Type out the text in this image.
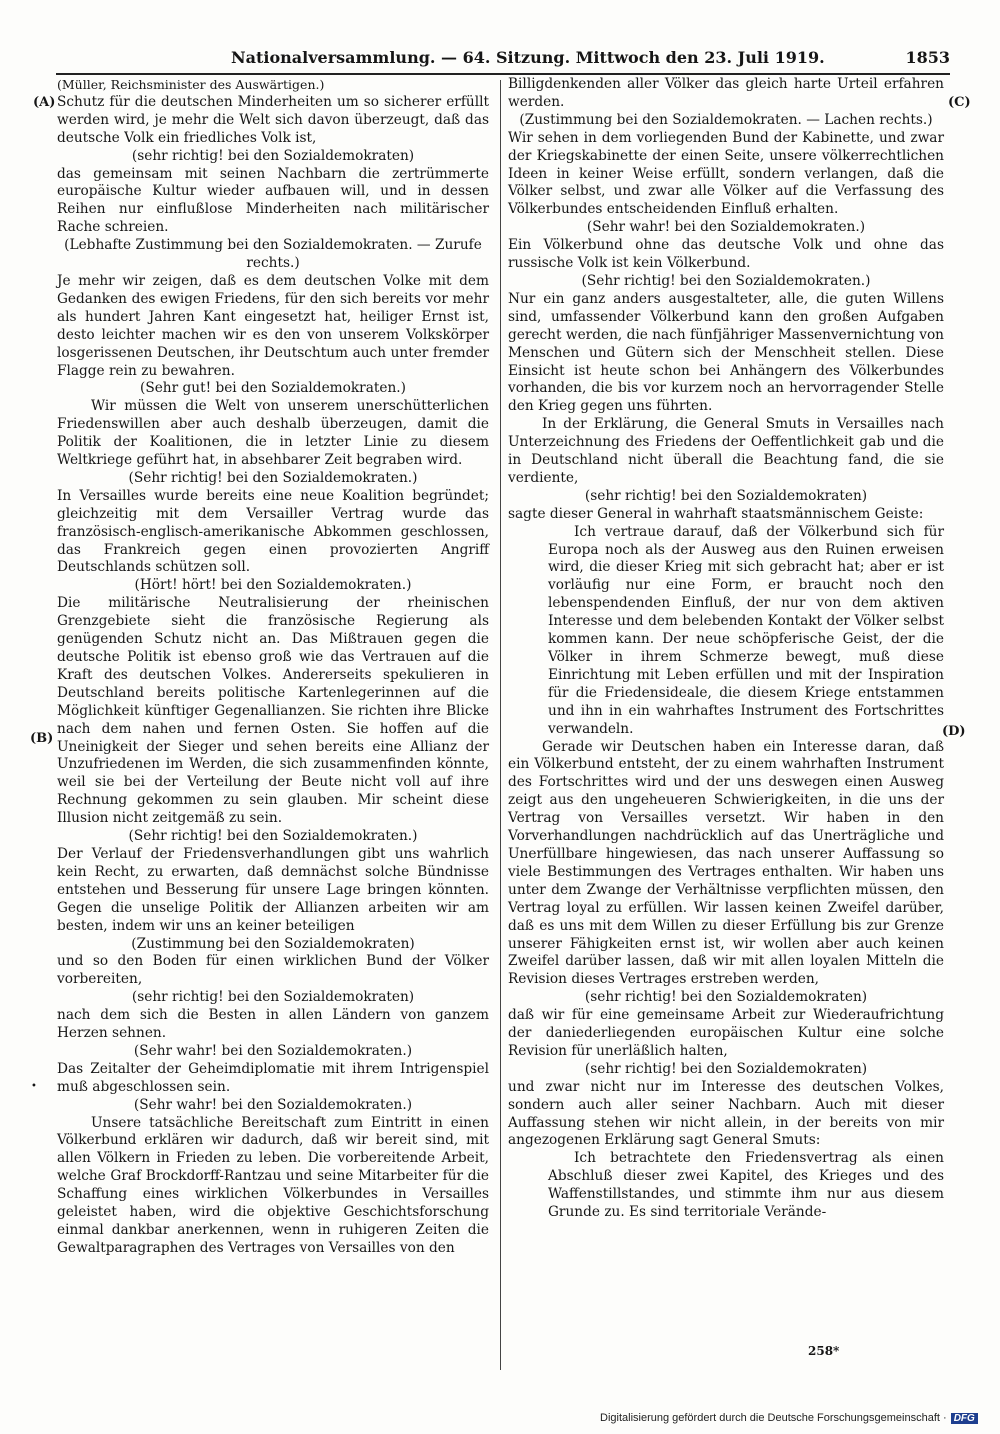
Nationalversammlung. — 64. Sitzung. Mittwoch den 23. Juli 1919.	1853
(A)
(B)
(C)
(D)

(Müller, Reichsminister des Auswärtigen.)

Schutz für die deutschen Minderheiten um so sicherer erfüllt werden wird, je mehr die Welt sich davon überzeugt, daß das deutsche Volk ein friedliches Volk ist,

(sehr richtig! bei den Sozialdemokraten)

das gemeinsam mit seinen Nachbarn die zertrümmerte europäische Kultur wieder aufbauen will, und in dessen Reihen nur einflußlose Minderheiten nach militärischer Rache schreien.

(Lebhafte Zustimmung bei den Sozialdemokraten. — Zurufe rechts.)

Je mehr wir zeigen, daß es dem deutschen Volke mit dem Gedanken des ewigen Friedens, für den sich bereits vor mehr als hundert Jahren Kant eingesetzt hat, heiliger Ernst ist, desto leichter machen wir es den von unserem Volkskörper losgerissenen Deutschen, ihr Deutschtum auch unter fremder Flagge rein zu bewahren.

(Sehr gut! bei den Sozialdemokraten.)

Wir müssen die Welt von unserem unerschütterlichen Friedenswillen aber auch deshalb überzeugen, damit die Politik der Koalitionen, die in letzter Linie zu diesem Weltkriege geführt hat, in absehbarer Zeit begraben wird.

(Sehr richtig! bei den Sozialdemokraten.)

In Versailles wurde bereits eine neue Koalition begründet; gleichzeitig mit dem Versailler Vertrag wurde das französisch-englisch-amerikanische Abkommen geschlossen, das Frankreich gegen einen provozierten Angriff Deutschlands schützen soll.

(Hört! hört! bei den Sozialdemokraten.)

Die militärische Neutralisierung der rheinischen Grenzgebiete sieht die französische Regierung als genügenden Schutz nicht an. Das Mißtrauen gegen die deutsche Politik ist ebenso groß wie das Vertrauen auf die Kraft des deutschen Volkes. Andererseits spekulieren in Deutschland bereits politische Kartenlegerinnen auf die Möglichkeit künftiger Gegenallianzen. Sie richten ihre Blicke nach dem nahen und fernen Osten. Sie hoffen auf die Uneinigkeit der Sieger und sehen bereits eine Allianz der Unzufriedenen im Werden, die sich zusammenfinden könnte, weil sie bei der Verteilung der Beute nicht voll auf ihre Rechnung gekommen zu sein glauben. Mir scheint diese Illusion nicht zeitgemäß zu sein.

(Sehr richtig! bei den Sozialdemokraten.)

Der Verlauf der Friedensverhandlungen gibt uns wahrlich kein Recht, zu erwarten, daß demnächst solche Bündnisse entstehen und Besserung für unsere Lage bringen könnten. Gegen die unselige Politik der Allianzen arbeiten wir am besten, indem wir uns an keiner beteiligen

(Zustimmung bei den Sozialdemokraten)

und so den Boden für einen wirklichen Bund der Völker vorbereiten,

(sehr richtig! bei den Sozialdemokraten)

nach dem sich die Besten in allen Ländern von ganzem Herzen sehnen.

(Sehr wahr! bei den Sozialdemokraten.)

Das Zeitalter der Geheimdiplomatie mit ihrem Intrigenspiel muß abgeschlossen sein.

(Sehr wahr! bei den Sozialdemokraten.)

Unsere tatsächliche Bereitschaft zum Eintritt in einen Völkerbund erklären wir dadurch, daß wir bereit sind, mit allen Völkern in Frieden zu leben. Die vorbereitende Arbeit, welche Graf Brockdorff-Rantzau und seine Mitarbeiter für die Schaffung eines wirklichen Völkerbundes in Versailles geleistet haben, wird die objektive Geschichtsforschung einmal dankbar anerkennen, wenn in ruhigeren Zeiten die Gewaltparagraphen des Vertrages von Versailles von den

Billigdenkenden aller Völker das gleich harte Urteil erfahren werden.

(Zustimmung bei den Sozialdemokraten. — Lachen rechts.)

Wir sehen in dem vorliegenden Bund der Kabinette, und zwar der Kriegskabinette der einen Seite, unsere völkerrechtlichen Ideen in keiner Weise erfüllt, sondern verlangen, daß die Völker selbst, und zwar alle Völker auf die Verfassung des Völkerbundes entscheidenden Einfluß erhalten.

(Sehr wahr! bei den Sozialdemokraten.)

Ein Völkerbund ohne das deutsche Volk und ohne das russische Volk ist kein Völkerbund.

(Sehr richtig! bei den Sozialdemokraten.)

Nur ein ganz anders ausgestalteter, alle, die guten Willens sind, umfassender Völkerbund kann den großen Aufgaben gerecht werden, die nach fünfjähriger Massenvernichtung von Menschen und Gütern sich der Menschheit stellen. Diese Einsicht ist heute schon bei Anhängern des Völkerbundes vorhanden, die bis vor kurzem noch an hervorragender Stelle den Krieg gegen uns führten.

In der Erklärung, die General Smuts in Versailles nach Unterzeichnung des Friedens der Oeffentlichkeit gab und die in Deutschland nicht überall die Beachtung fand, die sie verdiente,

(sehr richtig! bei den Sozialdemokraten)

sagte dieser General in wahrhaft staatsmännischem Geiste:

Ich vertraue darauf, daß der Völkerbund sich für Europa noch als der Ausweg aus den Ruinen erweisen wird, die dieser Krieg mit sich gebracht hat; aber er ist vorläufig nur eine Form, er braucht noch den lebenspendenden Einfluß, der nur von dem aktiven Interesse und dem belebenden Kontakt der Völker selbst kommen kann. Der neue schöpferische Geist, der die Völker in ihrem Schmerze bewegt, muß diese Einrichtung mit Leben erfüllen und mit der Inspiration für die Friedensideale, die diesem Kriege entstammen und ihn in ein wahrhaftes Instrument des Fortschrittes verwandeln.

Gerade wir Deutschen haben ein Interesse daran, daß ein Völkerbund entsteht, der zu einem wahrhaften Instrument des Fortschrittes wird und der uns deswegen einen Ausweg zeigt aus den ungeheueren Schwierigkeiten, in die uns der Vertrag von Versailles versetzt. Wir haben in den Vorverhandlungen nachdrücklich auf das Unerträgliche und Unerfüllbare hingewiesen, das nach unserer Auffassung so viele Bestimmungen des Vertrages enthalten. Wir haben uns unter dem Zwange der Verhältnisse verpflichten müssen, den Vertrag loyal zu erfüllen. Wir lassen keinen Zweifel darüber, daß es uns mit dem Willen zu dieser Erfüllung bis zur Grenze unserer Fähigkeiten ernst ist, wir wollen aber auch keinen Zweifel darüber lassen, daß wir mit allen loyalen Mitteln die Revision dieses Vertrages erstreben werden,

(sehr richtig! bei den Sozialdemokraten)

daß wir für eine gemeinsame Arbeit zur Wiederaufrichtung der daniederliegenden europäischen Kultur eine solche Revision für unerläßlich halten,

(sehr richtig! bei den Sozialdemokraten)

und zwar nicht nur im Interesse des deutschen Volkes, sondern auch aller seiner Nachbarn. Auch mit dieser Auffassung stehen wir nicht allein, in der bereits von mir angezogenen Erklärung sagt General Smuts:

Ich betrachtete den Friedensvertrag als einen Abschluß dieser zwei Kapitel, des Krieges und des Waffenstillstandes, und stimmte ihm nur aus diesem Grunde zu. Es sind territoriale Verände-

•
258*
Digitalisierung gefördert durch die Deutsche Forschungsgemeinschaft · DFG
